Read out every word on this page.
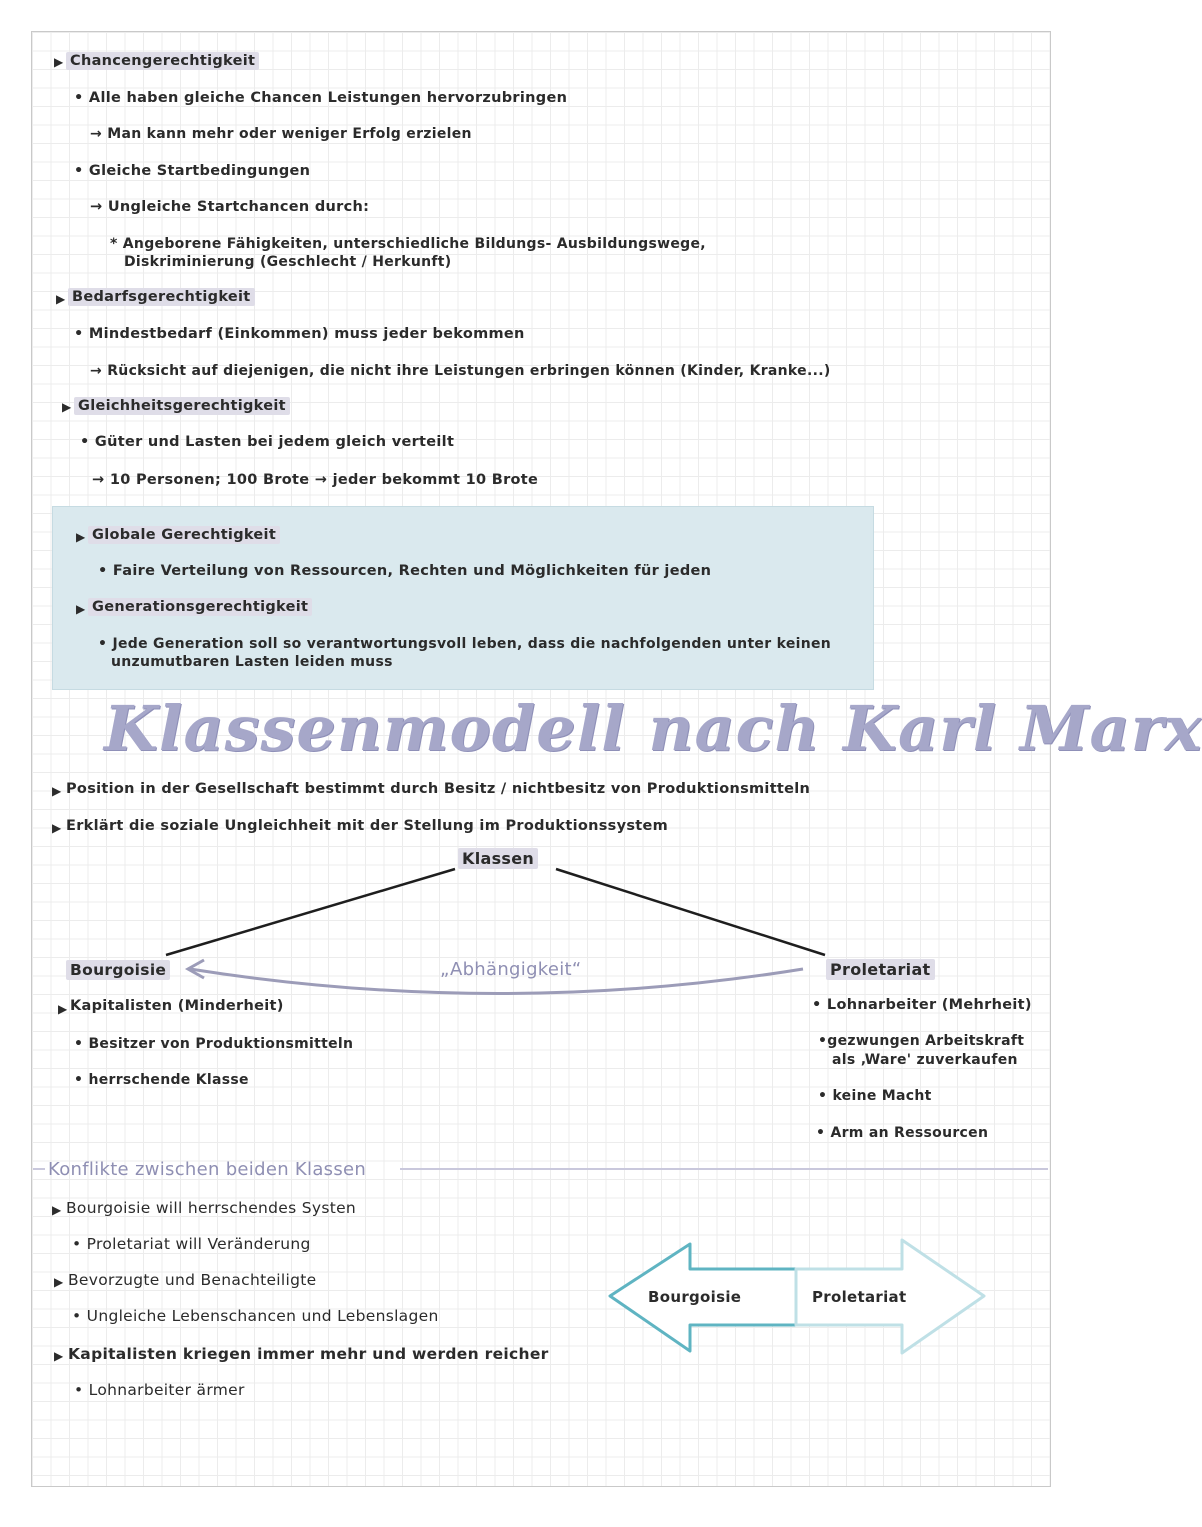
▶ Chancengerechtigkeit
• Alle haben gleiche Chancen Leistungen hervorzubringen
→ Man kann mehr oder weniger Erfolg erzielen
• Gleiche Startbedingungen
→ Ungleiche Startchancen durch:
* Angeborene Fähigkeiten, unterschiedliche Bildungs- Ausbildungswege,
Diskriminierung (Geschlecht / Herkunft)
▶ Bedarfsgerechtigkeit
• Mindestbedarf (Einkommen) muss jeder bekommen
→ Rücksicht auf diejenigen, die nicht ihre Leistungen erbringen können (Kinder, Kranke...)
▶ Gleichheitsgerechtigkeit
• Güter und Lasten bei jedem gleich verteilt
→ 10 Personen; 100 Brote → jeder bekommt 10 Brote
▶ Globale Gerechtigkeit
• Faire Verteilung von Ressourcen, Rechten und Möglichkeiten für jeden
▶ Generationsgerechtigkeit
• Jede Generation soll so verantwortungsvoll leben, dass die nachfolgenden unter keinen
unzumutbaren Lasten leiden muss
Klassenmodell nach Karl Marx
▶ Position in der Gesellschaft bestimmt durch Besitz / nichtbesitz von Produktionsmitteln
▶ Erklärt die soziale Ungleichheit mit der Stellung im Produktionssystem
Klassen
Bourgoisie	Proletariat
„Abhängigkeit“
▶ Kapitalisten (Minderheit)
• Besitzer von Produktionsmitteln
• herrschende Klasse
• Lohnarbeiter (Mehrheit)
•gezwungen Arbeitskraft
als ‚Ware' zuverkaufen
• keine Macht
• Arm an Ressourcen
Konflikte zwischen beiden Klassen
▶ Bourgoisie will herrschendes Systen
• Proletariat will Veränderung
▶ Bevorzugte und Benachteiligte
• Ungleiche Lebenschancen und Lebenslagen
▶ Kapitalisten kriegen immer mehr und werden reicher
• Lohnarbeiter ärmer
Bourgoisie	Proletariat
